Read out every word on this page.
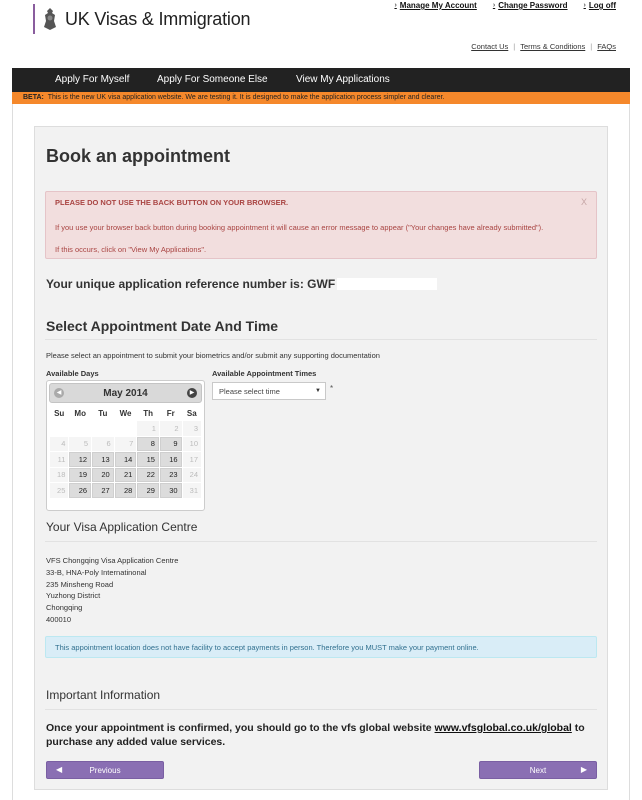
UK Visas & Immigration
› Manage My Account › Change Password › Log off
Contact Us | Terms & Conditions | FAQs
Apply For Myself	Apply For Someone Else	View My Applications
BETA: This is the new UK visa application website. We are testing it. It is designed to make the application process simpler and clearer.
Book an appointment
PLEASE DO NOT USE THE BACK BUTTON ON YOUR BROWSER.	X
If you use your browser back button during booking appointment it will cause an error message to appear ("Your changes have already submitted").
If this occurs, click on "View My Applications".
Your unique application reference number is: GWF
Select Appointment Date And Time
Please select an appointment to submit your biometrics and/or submit any supporting documentation
Available Days	Available Appointment Times
◀	May 2014	▶
Su	Mo	Tu	We	Th	Fr	Sa
				1	2	3
4	5	6	7	8	9	10
11	12	13	14	15	16	17
18	19	20	21	22	23	24
25	26	27	28	29	30	31
Please select time	▼ *
Your Visa Application Centre
VFS Chongqing Visa Application Centre
33-B, HNA-Poly Internatinonal
235 Minsheng Road
Yuzhong District
Chongqing
400010
This appointment location does not have facility to accept payments in person. Therefore you MUST make your payment online.
Important Information
Once your appointment is confirmed, you should go to the vfs global website www.vfsglobal.co.uk/global to purchase any added value services.
◀	Previous	Next	▶
